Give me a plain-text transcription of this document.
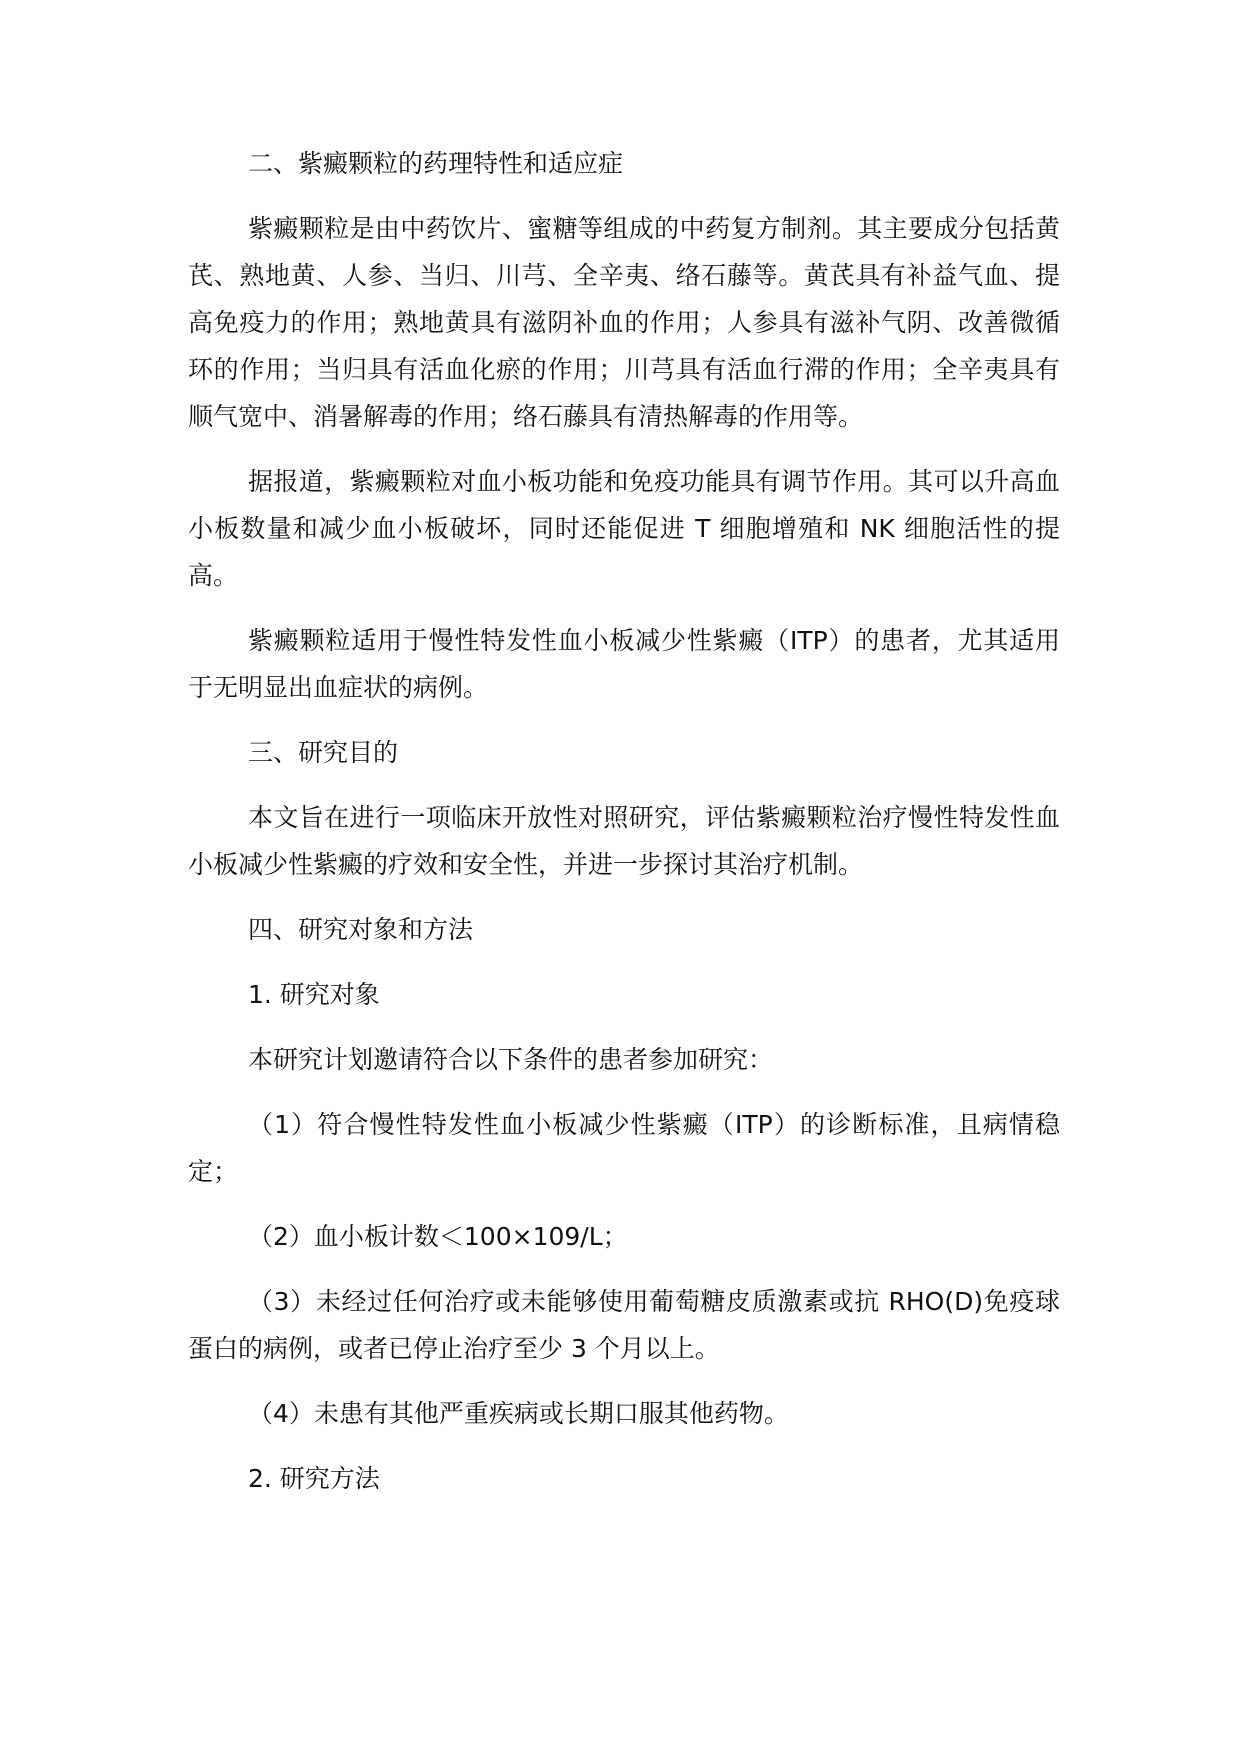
二、紫癜颗粒的药理特性和适应症
紫癜颗粒是由中药饮片、蜜糖等组成的中药复方制剂。其主要成分包括黄芪、熟地黄、人参、当归、川芎、全辛夷、络石藤等。黄芪具有补益气血、提高免疫力的作用；熟地黄具有滋阴补血的作用；人参具有滋补气阴、改善微循环的作用；当归具有活血化瘀的作用；川芎具有活血行滞的作用；全辛夷具有顺气宽中、消暑解毒的作用；络石藤具有清热解毒的作用等。
据报道，紫癜颗粒对血小板功能和免疫功能具有调节作用。其可以升高血小板数量和减少血小板破坏，同时还能促进 T 细胞增殖和 NK 细胞活性的提高。
紫癜颗粒适用于慢性特发性血小板减少性紫癜（ITP）的患者，尤其适用于无明显出血症状的病例。
三、研究目的
本文旨在进行一项临床开放性对照研究，评估紫癜颗粒治疗慢性特发性血小板减少性紫癜的疗效和安全性，并进一步探讨其治疗机制。
四、研究对象和方法
1. 研究对象
本研究计划邀请符合以下条件的患者参加研究：
（1）符合慢性特发性血小板减少性紫癜（ITP）的诊断标准，且病情稳定；
（2）血小板计数＜100×109/L；
（3）未经过任何治疗或未能够使用葡萄糖皮质激素或抗 RHO(D)免疫球蛋白的病例，或者已停止治疗至少 3 个月以上。
（4）未患有其他严重疾病或长期口服其他药物。
2. 研究方法
